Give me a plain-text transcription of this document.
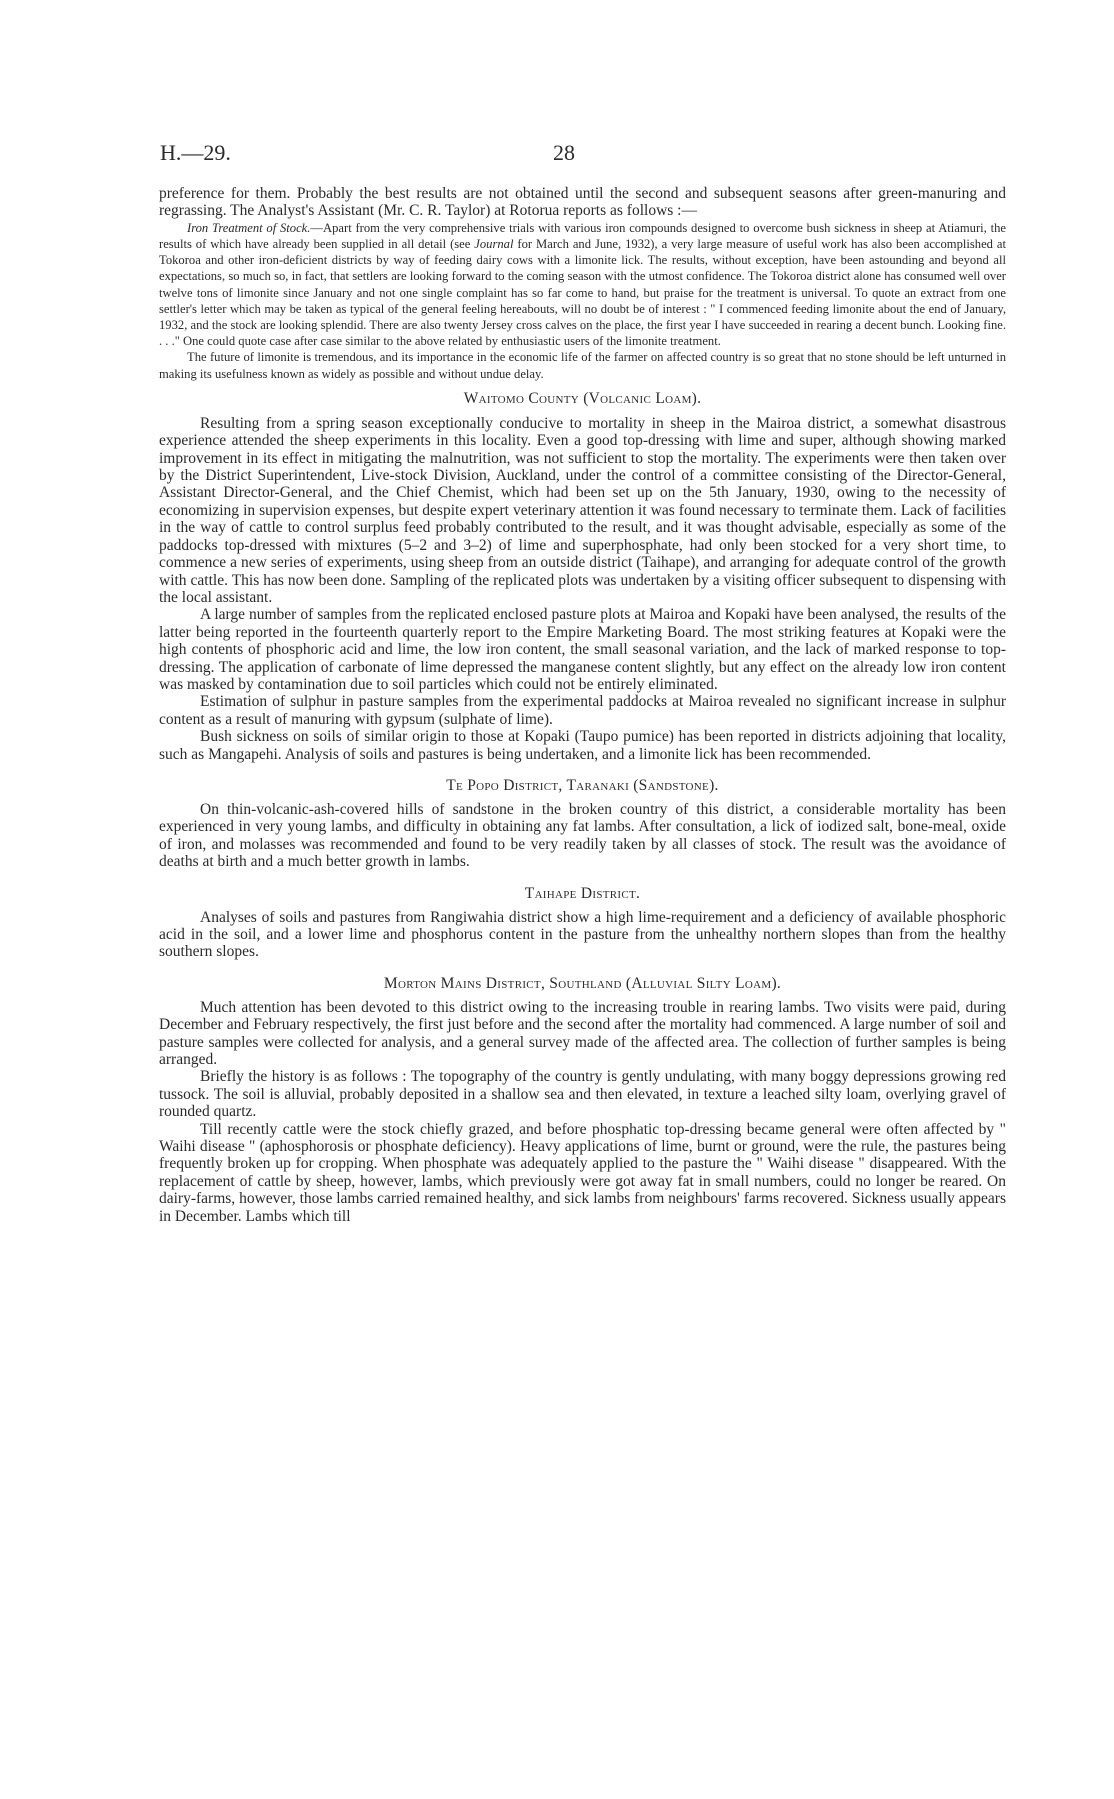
H.—29.	28

preference for them. Probably the best results are not obtained until the second and subsequent seasons after green-manuring and regrassing. The Analyst's Assistant (Mr. C. R. Taylor) at Rotorua reports as follows :—

Iron Treatment of Stock.—Apart from the very comprehensive trials with various iron compounds designed to overcome bush sickness in sheep at Atiamuri, the results of which have already been supplied in all detail (see Journal for March and June, 1932), a very large measure of useful work has also been accomplished at Tokoroa and other iron-deficient districts by way of feeding dairy cows with a limonite lick. The results, without exception, have been astounding and beyond all expectations, so much so, in fact, that settlers are looking forward to the coming season with the utmost confidence. The Tokoroa district alone has consumed well over twelve tons of limonite since January and not one single complaint has so far come to hand, but praise for the treatment is universal. To quote an extract from one settler's letter which may be taken as typical of the general feeling hereabouts, will no doubt be of interest : " I commenced feeding limonite about the end of January, 1932, and the stock are looking splendid. There are also twenty Jersey cross calves on the place, the first year I have succeeded in rearing a decent bunch. Looking fine. . . ." One could quote case after case similar to the above related by enthusiastic users of the limonite treatment.

The future of limonite is tremendous, and its importance in the economic life of the farmer on affected country is so great that no stone should be left unturned in making its usefulness known as widely as possible and without undue delay.

Waitomo County (Volcanic Loam).

Resulting from a spring season exceptionally conducive to mortality in sheep in the Mairoa district, a somewhat disastrous experience attended the sheep experiments in this locality. Even a good top-dressing with lime and super, although showing marked improvement in its effect in mitigating the malnutrition, was not sufficient to stop the mortality. The experiments were then taken over by the District Superintendent, Live-stock Division, Auckland, under the control of a committee consisting of the Director-General, Assistant Director-General, and the Chief Chemist, which had been set up on the 5th January, 1930, owing to the necessity of economizing in supervision expenses, but despite expert veterinary attention it was found necessary to terminate them. Lack of facilities in the way of cattle to control surplus feed probably contributed to the result, and it was thought advisable, especially as some of the paddocks top-dressed with mixtures (5–2 and 3–2) of lime and superphosphate, had only been stocked for a very short time, to commence a new series of experiments, using sheep from an outside district (Taihape), and arranging for adequate control of the growth with cattle. This has now been done. Sampling of the replicated plots was undertaken by a visiting officer subsequent to dispensing with the local assistant.

A large number of samples from the replicated enclosed pasture plots at Mairoa and Kopaki have been analysed, the results of the latter being reported in the fourteenth quarterly report to the Empire Marketing Board. The most striking features at Kopaki were the high contents of phosphoric acid and lime, the low iron content, the small seasonal variation, and the lack of marked response to top-dressing. The application of carbonate of lime depressed the manganese content slightly, but any effect on the already low iron content was masked by contamination due to soil particles which could not be entirely eliminated.

Estimation of sulphur in pasture samples from the experimental paddocks at Mairoa revealed no significant increase in sulphur content as a result of manuring with gypsum (sulphate of lime).

Bush sickness on soils of similar origin to those at Kopaki (Taupo pumice) has been reported in districts adjoining that locality, such as Mangapehi. Analysis of soils and pastures is being undertaken, and a limonite lick has been recommended.

Te Popo District, Taranaki (Sandstone).

On thin-volcanic-ash-covered hills of sandstone in the broken country of this district, a considerable mortality has been experienced in very young lambs, and difficulty in obtaining any fat lambs. After consultation, a lick of iodized salt, bone-meal, oxide of iron, and molasses was recommended and found to be very readily taken by all classes of stock. The result was the avoidance of deaths at birth and a much better growth in lambs.

Taihape District.

Analyses of soils and pastures from Rangiwahia district show a high lime-requirement and a deficiency of available phosphoric acid in the soil, and a lower lime and phosphorus content in the pasture from the unhealthy northern slopes than from the healthy southern slopes.

Morton Mains District, Southland (Alluvial Silty Loam).

Much attention has been devoted to this district owing to the increasing trouble in rearing lambs. Two visits were paid, during December and February respectively, the first just before and the second after the mortality had commenced. A large number of soil and pasture samples were collected for analysis, and a general survey made of the affected area. The collection of further samples is being arranged.

Briefly the history is as follows : The topography of the country is gently undulating, with many boggy depressions growing red tussock. The soil is alluvial, probably deposited in a shallow sea and then elevated, in texture a leached silty loam, overlying gravel of rounded quartz.

Till recently cattle were the stock chiefly grazed, and before phosphatic top-dressing became general were often affected by " Waihi disease " (aphosphorosis or phosphate deficiency). Heavy applications of lime, burnt or ground, were the rule, the pastures being frequently broken up for cropping. When phosphate was adequately applied to the pasture the " Waihi disease " disappeared. With the replacement of cattle by sheep, however, lambs, which previously were got away fat in small numbers, could no longer be reared. On dairy-farms, however, those lambs carried remained healthy, and sick lambs from neighbours' farms recovered. Sickness usually appears in December. Lambs which till
